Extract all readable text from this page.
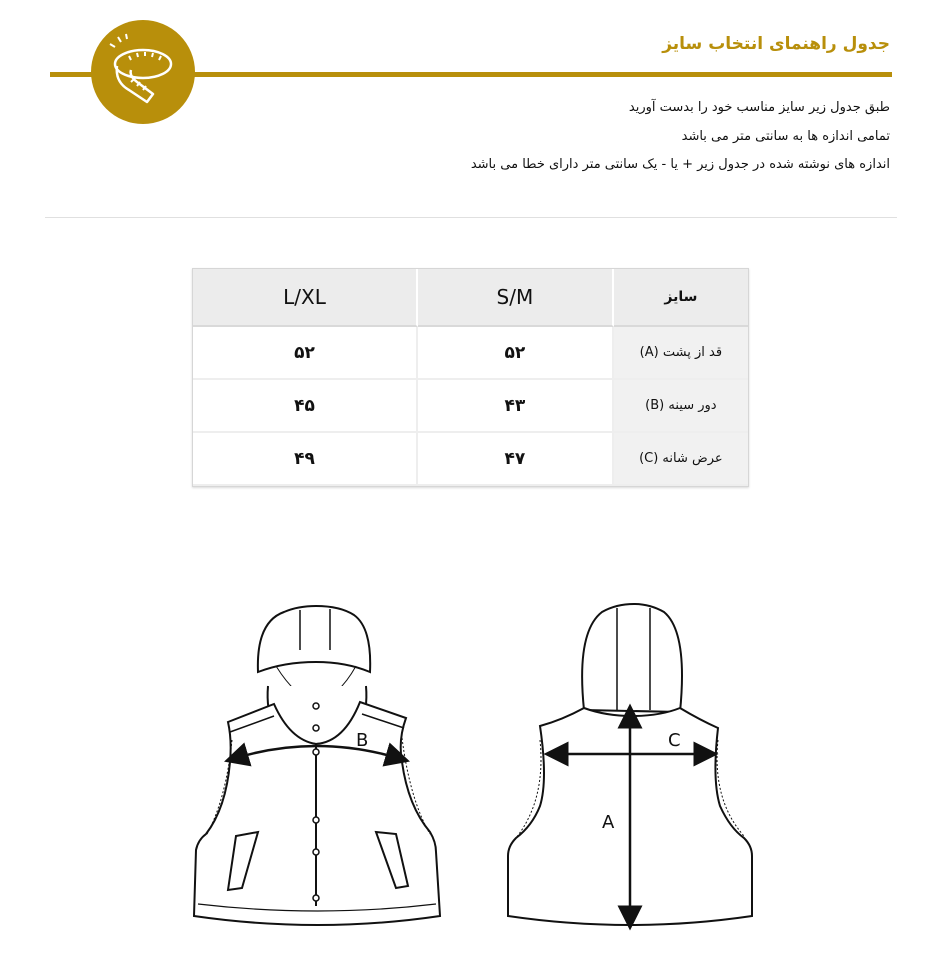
جدول راهنمای انتخاب سایز
طبق جدول زیر سایز مناسب خود را بدست آورید
تمامی اندازه ها به سانتی متر می باشد
اندازه های نوشته شده در جدول زیر + یا - یک سانتی متر دارای خطا می باشد
L/XL	S/M	سایز
۵۲	۵۲	قد از پشت (A)
۴۵	۴۳	دور سینه (B)
۴۹	۴۷	عرض شانه (C)
B
A
C
